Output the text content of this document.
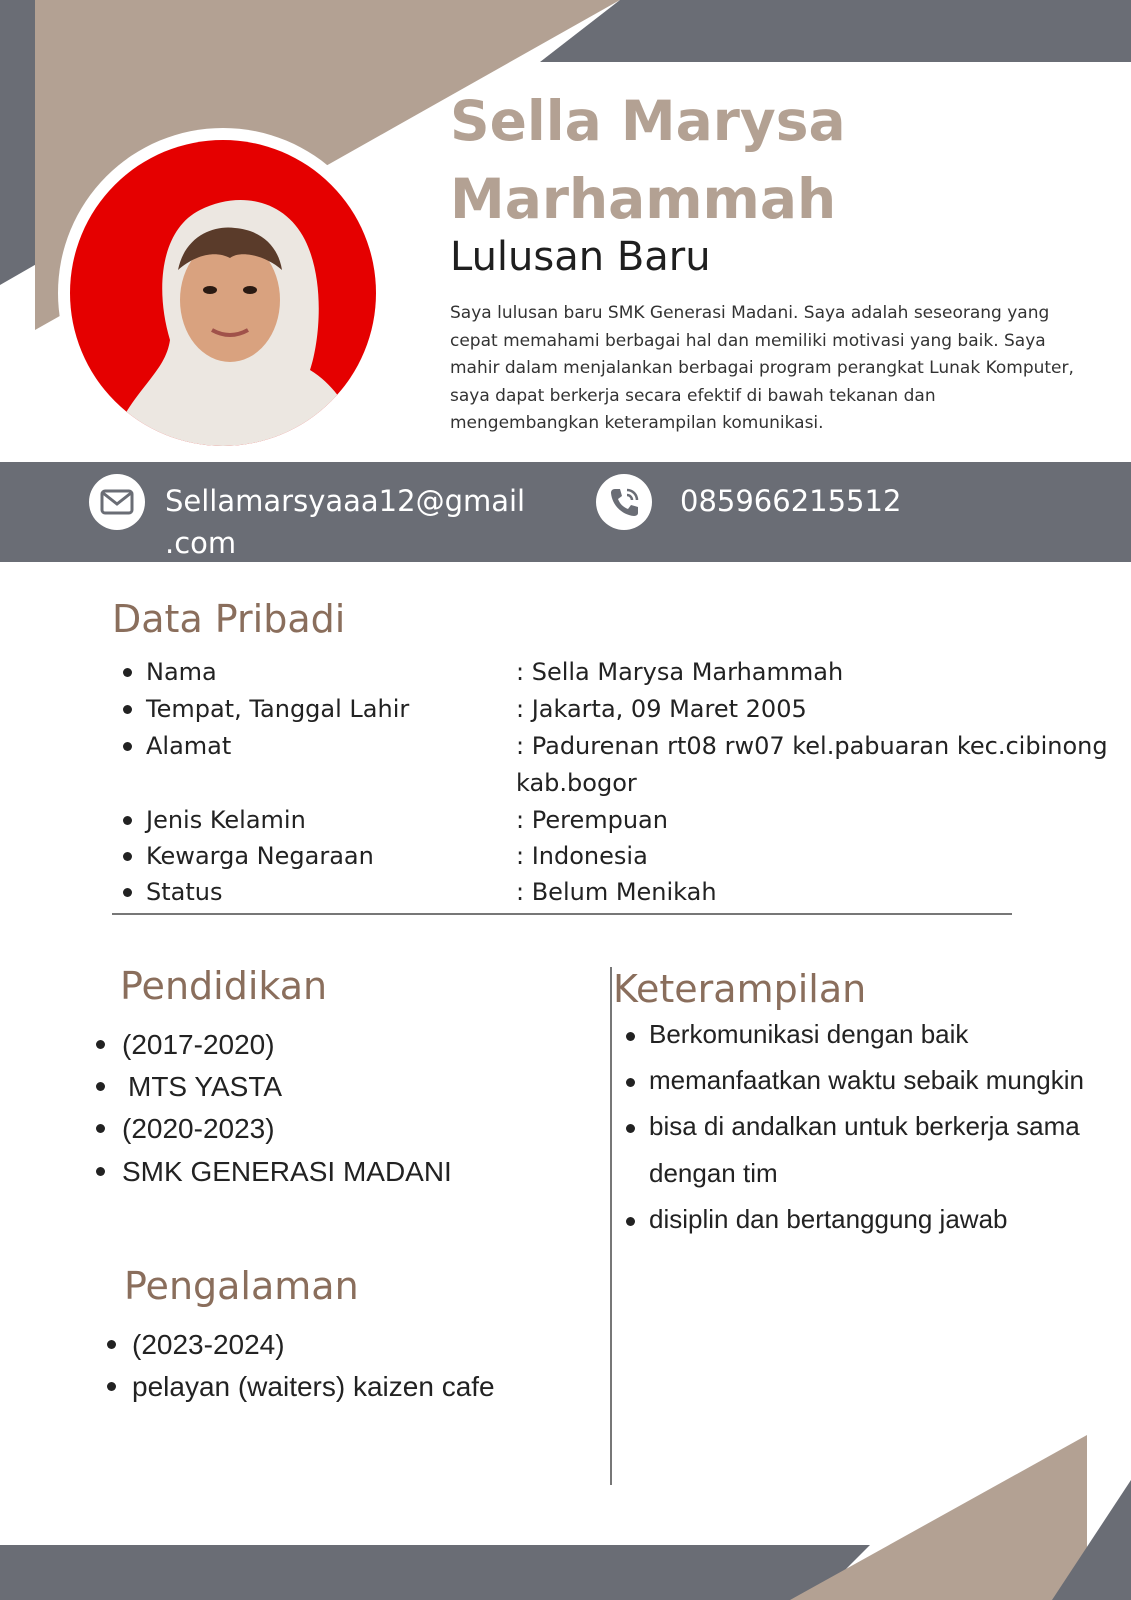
Sella Marysa
Marhammah
Lulusan Baru
Saya lulusan baru SMK Generasi Madani. Saya adalah seseorang yang cepat memahami berbagai hal dan memiliki motivasi yang baik. Saya mahir dalam menjalankan berbagai program perangkat Lunak Komputer, saya dapat berkerja secara efektif di bawah tekanan dan mengembangkan keterampilan komunikasi.
Sellamarsyaaa12@gmail
.com
085966215512
Data Pribadi
Nama	: Sella Marysa Marhammah
Tempat, Tanggal Lahir	: Jakarta, 09 Maret 2005
Alamat	: Padurenan rt08 rw07 kel.pabuaran kec.cibinong
kab.bogor
Jenis Kelamin	: Perempuan
Kewarga Negaraan	: Indonesia
Status	: Belum Menikah
Pendidikan
(2017-2020)
MTS YASTA
(2020-2023)
SMK GENERASI MADANI
Pengalaman
(2023-2024)
pelayan (waiters) kaizen cafe
Keterampilan
Berkomunikasi dengan baik
memanfaatkan waktu sebaik mungkin
bisa di andalkan untuk berkerja sama
dengan tim
disiplin dan bertanggung jawab
